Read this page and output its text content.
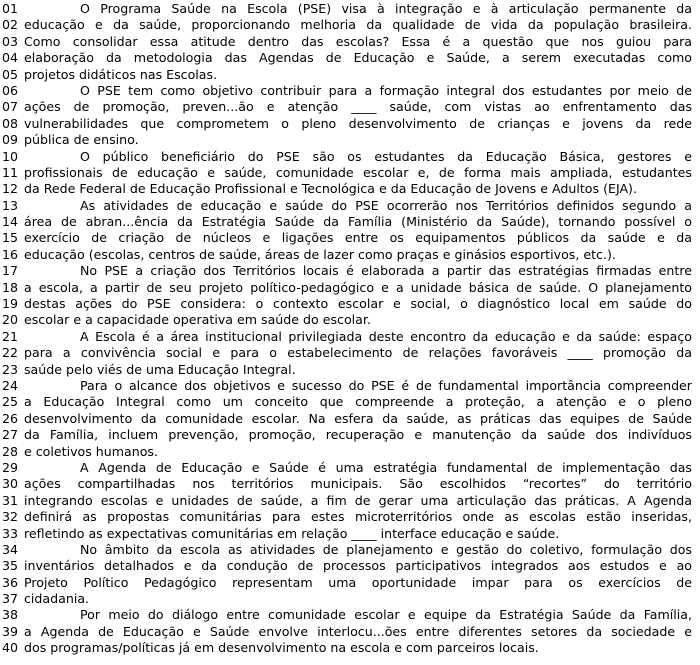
01	O Programa Saúde na Escola (PSE) visa à integração e à articulação permanente da
02 educação e da saúde, proporcionando melhoria da qualidade de vida da população brasileira.
03 Como consolidar essa atitude dentro das escolas? Essa é a questão que nos guiou para
04 elaboração da metodologia das Agendas de Educação e Saúde, a serem executadas como
05 projetos didáticos nas Escolas.
06	O PSE tem como objetivo contribuir para a formação integral dos estudantes por meio de
07 ações de promoção, preven...ão e atenção ____ saúde, com vistas ao enfrentamento das
08 vulnerabilidades que comprometem o pleno desenvolvimento de crianças e jovens da rede
09 pública de ensino.
10	O público beneficiário do PSE são os estudantes da Educação Básica, gestores e
11 profissionais de educação e saúde, comunidade escolar e, de forma mais ampliada, estudantes
12 da Rede Federal de Educação Profissional e Tecnológica e da Educação de Jovens e Adultos (EJA).
13	As atividades de educação e saúde do PSE ocorrerão nos Territórios definidos segundo a
14 área de abran...ência da Estratégia Saúde da Família (Ministério da Saúde), tornando possível o
15 exercício de criação de núcleos e ligações entre os equipamentos públicos da saúde e da
16 educação (escolas, centros de saúde, áreas de lazer como praças e ginásios esportivos, etc.).
17	No PSE a criação dos Territórios locais é elaborada a partir das estratégias firmadas entre
18 a escola, a partir de seu projeto político-pedagógico e a unidade básica de saúde. O planejamento
19 destas ações do PSE considera: o contexto escolar e social, o diagnóstico local em saúde do
20 escolar e a capacidade operativa em saúde do escolar.
21	A Escola é a área institucional privilegiada deste encontro da educação e da saúde: espaço
22 para a convivência social e para o estabelecimento de relações favoráveis ____ promoção da
23 saúde pelo viés de uma Educação Integral.
24	Para o alcance dos objetivos e sucesso do PSE é de fundamental importância compreender
25 a Educação Integral como um conceito que compreende a proteção, a atenção e o pleno
26 desenvolvimento da comunidade escolar. Na esfera da saúde, as práticas das equipes de Saúde
27 da Família, incluem prevenção, promoção, recuperação e manutenção da saúde dos indivíduos
28 e coletivos humanos.
29	A Agenda de Educação e Saúde é uma estratégia fundamental de implementação das
30 ações compartilhadas nos territórios municipais. São escolhidos “recortes” do território
31 integrando escolas e unidades de saúde, a fim de gerar uma articulação das práticas. A Agenda
32 definirá as propostas comunitárias para estes microterritórios onde as escolas estão inseridas,
33 refletindo as expectativas comunitárias em relação ____ interface educação e saúde.
34	No âmbito da escola as atividades de planejamento e gestão do coletivo, formulação dos
35 inventários detalhados e da condução de processos participativos integrados aos estudos e ao
36 Projeto Político Pedagógico representam uma oportunidade impar para os exercícios de
37 cidadania.
38	Por meio do diálogo entre comunidade escolar e equipe da Estratégia Saúde da Família,
39 a Agenda de Educação e Saúde envolve interlocu...ões entre diferentes setores da sociedade e
40 dos programas/políticas já em desenvolvimento na escola e com parceiros locais.
